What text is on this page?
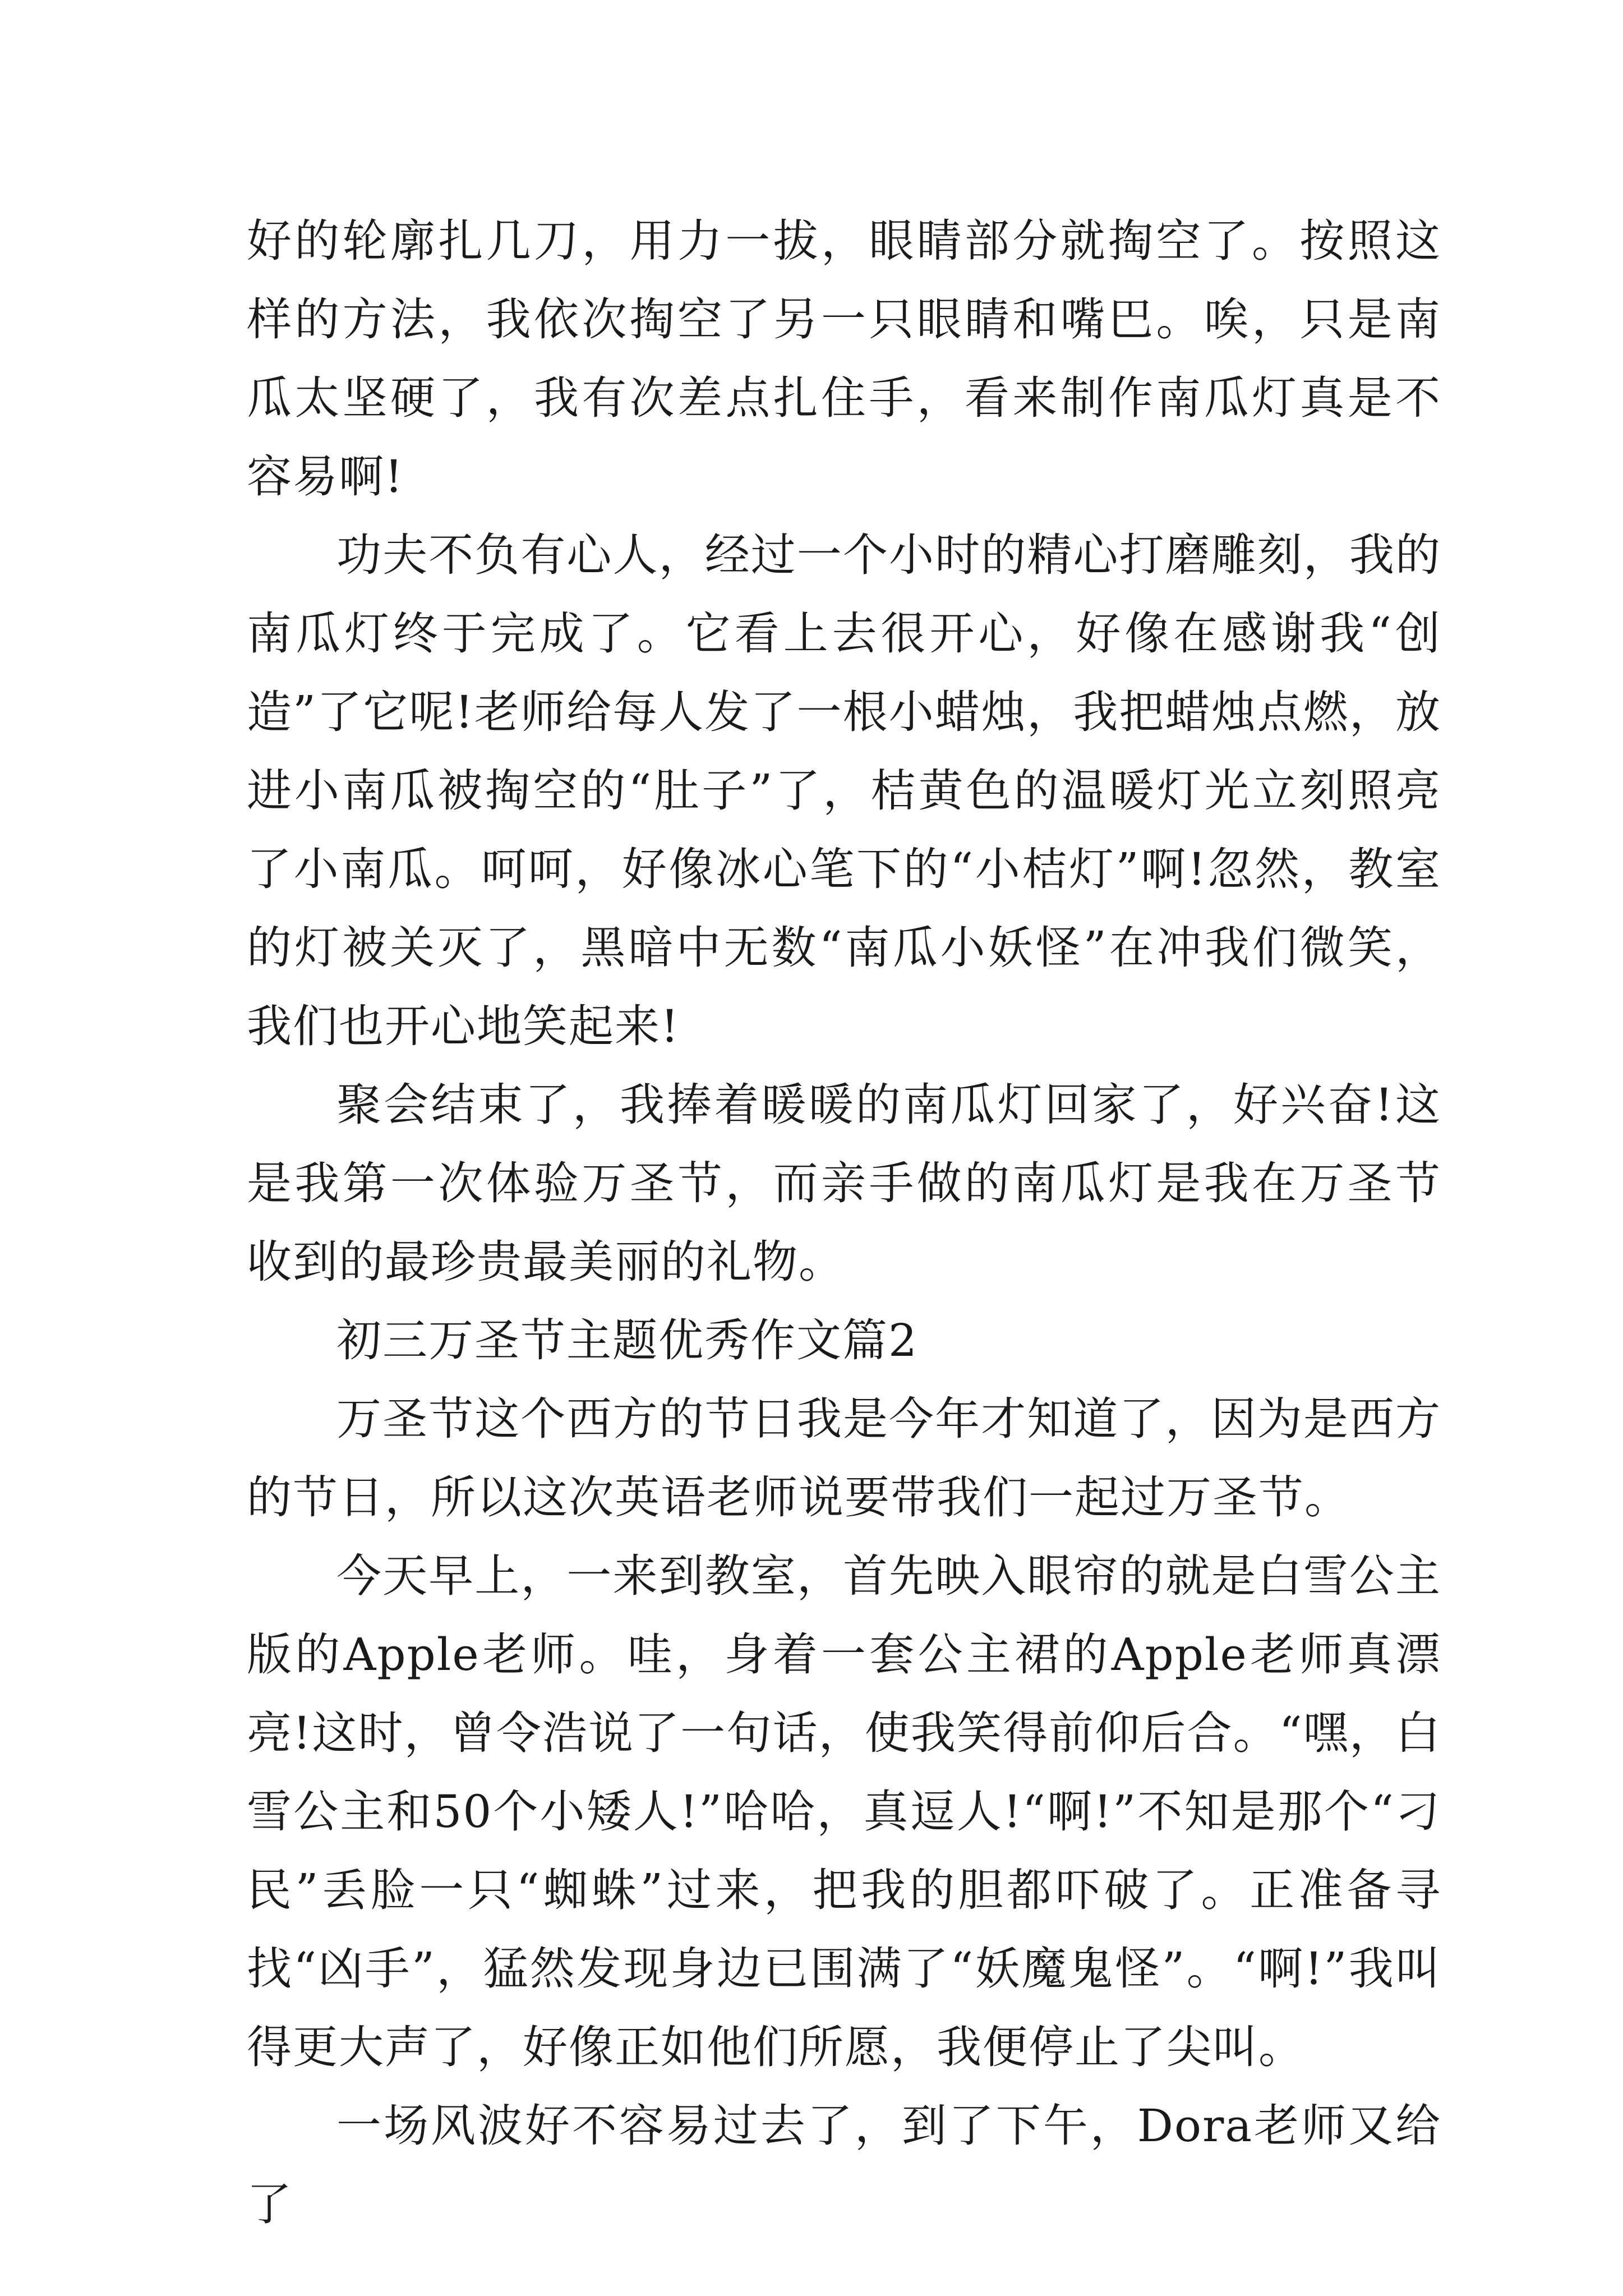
好的轮廓扎几刀，用力一拔，眼睛部分就掏空了。按照这样的方法，我依次掏空了另一只眼睛和嘴巴。唉，只是南瓜太坚硬了，我有次差点扎住手，看来制作南瓜灯真是不容易啊!

功夫不负有心人，经过一个小时的精心打磨雕刻，我的南瓜灯终于完成了。它看上去很开心，好像在感谢我“创造”了它呢!老师给每人发了一根小蜡烛，我把蜡烛点燃，放进小南瓜被掏空的“肚子”了，桔黄色的温暖灯光立刻照亮了小南瓜。呵呵，好像冰心笔下的“小桔灯”啊!忽然，教室的灯被关灭了，黑暗中无数“南瓜小妖怪”在冲我们微笑，我们也开心地笑起来!

聚会结束了，我捧着暖暖的南瓜灯回家了，好兴奋!这是我第一次体验万圣节，而亲手做的南瓜灯是我在万圣节收到的最珍贵最美丽的礼物。

初三万圣节主题优秀作文篇2

万圣节这个西方的节日我是今年才知道了，因为是西方的节日，所以这次英语老师说要带我们一起过万圣节。

今天早上，一来到教室，首先映入眼帘的就是白雪公主版的Apple老师。哇，身着一套公主裙的Apple老师真漂亮!这时，曾令浩说了一句话，使我笑得前仰后合。“嘿，白雪公主和50个小矮人!”哈哈，真逗人!“啊!”不知是那个“刁民”丢脸一只“蜘蛛”过来，把我的胆都吓破了。正准备寻找“凶手”，猛然发现身边已围满了“妖魔鬼怪”。“啊!”我叫得更大声了，好像正如他们所愿，我便停止了尖叫。

一场风波好不容易过去了，到了下午，Dora老师又给了
